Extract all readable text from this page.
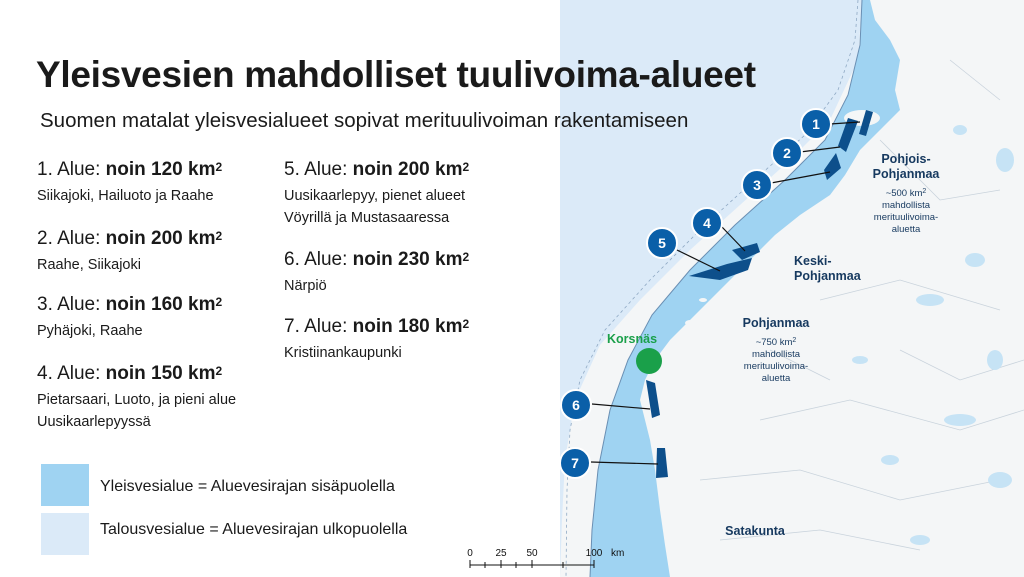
Korsnäs
1
2
3
4
5
6
7
Pohjois-
Pohjanmaa
~500 $km^2$
mahdollista
merituulivoima-
aluetta
Keski-
Pohjanmaa
Pohjanmaa
~750 $km^2$
mahdollista
merituulivoima-
aluetta
Satakunta
0 25 50	100 km
Yleisvesien mahdolliset tuulivoima-alueet
Suomen matalat yleisvesialueet sopivat merituulivoiman rakentamiseen
1. Alue: noin 120 $km^2$
Siikajoki, Hailuoto ja Raahe
2. Alue: noin 200 $km^2$
Raahe, Siikajoki
3. Alue: noin 160 $km^2$
Pyhäjoki, Raahe
4. Alue: noin 150 $km^2$
Pietarsaari, Luoto, ja pieni alue Uusikaarlepyyssä
5. Alue: noin 200 $km^2$
Uusikaarlepyy, pienet alueet Vöyrillä ja Mustasaaressa
6. Alue: noin 230 $km^2$
Närpiö
7. Alue: noin 180 $km^2$
Kristiinankaupunki
Yleisvesialue = Aluevesirajan sisäpuolella
Talousvesialue = Aluevesirajan ulkopuolella
